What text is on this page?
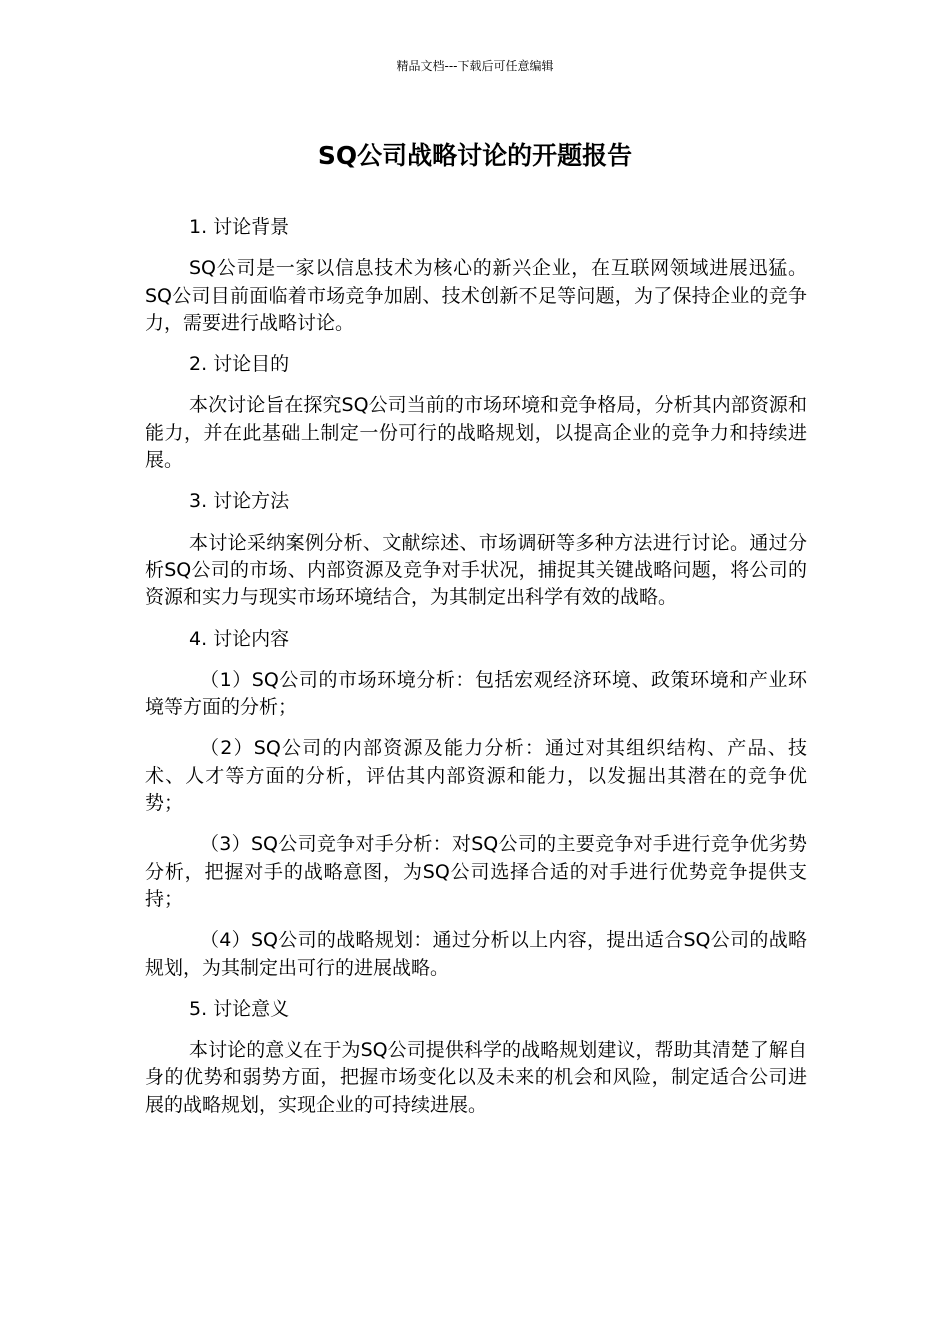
精品文档---下载后可任意编辑
SQ公司战略讨论的开题报告
1. 讨论背景

SQ公司是一家以信息技术为核心的新兴企业，在互联网领域进展迅猛。SQ公司目前面临着市场竞争加剧、技术创新不足等问题，为了保持企业的竞争力，需要进行战略讨论。

2. 讨论目的

本次讨论旨在探究SQ公司当前的市场环境和竞争格局，分析其内部资源和能力，并在此基础上制定一份可行的战略规划，以提高企业的竞争力和持续进展。

3. 讨论方法

本讨论采纳案例分析、文献综述、市场调研等多种方法进行讨论。通过分析SQ公司的市场、内部资源及竞争对手状况，捕捉其关键战略问题，将公司的资源和实力与现实市场环境结合，为其制定出科学有效的战略。

4. 讨论内容

（1）SQ公司的市场环境分析：包括宏观经济环境、政策环境和产业环境等方面的分析；

（2）SQ公司的内部资源及能力分析：通过对其组织结构、产品、技术、人才等方面的分析，评估其内部资源和能力，以发掘出其潜在的竞争优势；

（3）SQ公司竞争对手分析：对SQ公司的主要竞争对手进行竞争优劣势分析，把握对手的战略意图，为SQ公司选择合适的对手进行优势竞争提供支持；

（4）SQ公司的战略规划：通过分析以上内容，提出适合SQ公司的战略规划，为其制定出可行的进展战略。

5. 讨论意义

本讨论的意义在于为SQ公司提供科学的战略规划建议，帮助其清楚了解自身的优势和弱势方面，把握市场变化以及未来的机会和风险，制定适合公司进展的战略规划，实现企业的可持续进展。
